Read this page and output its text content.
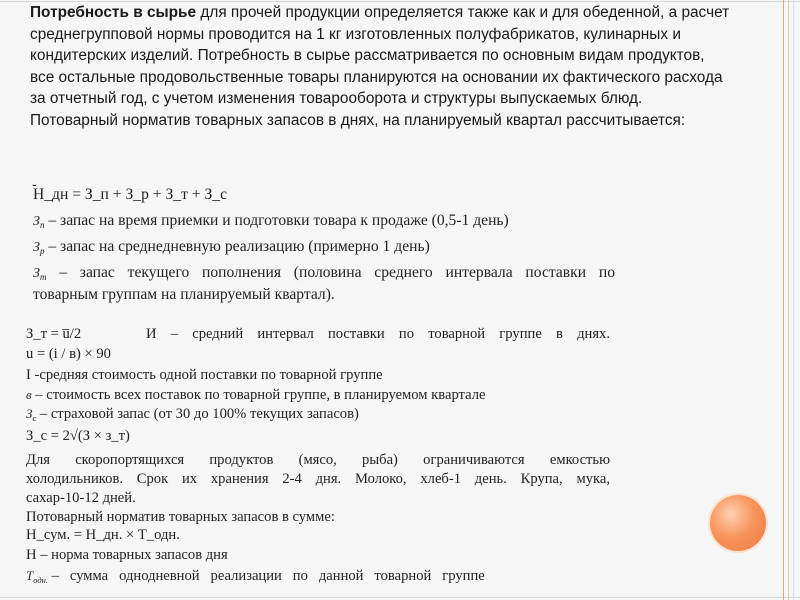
Потребность в сырье для прочей продукции определяется также как и для обеденной, а расчет среднегрупповой нормы проводится на 1 кг изготовленных полуфабрикатов, кулинарных и кондитерских изделий. Потребность в сырье рассматривается по основным видам продуктов, все остальные продовольственные товары планируются на основании их фактического расхода за отчетный год, с учетом изменения товарооборота и структуры выпускаемых блюд.

Потоварный норматив товарных запасов в днях, на планируемый квартал рассчитывается:

-
Н_дн = З_п + З_р + З_т + З_с
$З_п$ – запас на время приемки и подготовки товара к продаже (0,5-1 день)
$З_р$ – запас на среднедневную реализацию (примерно 1 день)
$З_т$ – запас текущего пополнения (половина среднего интервала поставки по
товарным группам на планируемый квартал).
З_т = u̅/2	И – средний интервал поставки по товарной группе в днях.
u = (i / в) × 90
I -средняя стоимость одной поставки по товарной группе
в – стоимость всех поставок по товарной группе, в планируемом квартале
$З_с$ – страховой запас (от 30 до 100% текущих запасов)
З_с = 2√(З × з_т)
Для скоропортящихся продуктов (мясо, рыба) ограничиваются емкостью
холодильников. Срок их хранения 2-4 дня. Молоко, хлеб-1 день. Крупа, мука,
сахар-10-12 дней.
Потоварный норматив товарных запасов в сумме:
Н_сум. = Н_дн. × Т_одн.
Н – норма товарных запасов дня
$Т_{одн.}$ –   сумма   однодневной   реализации   по   данной   товарной   группе
